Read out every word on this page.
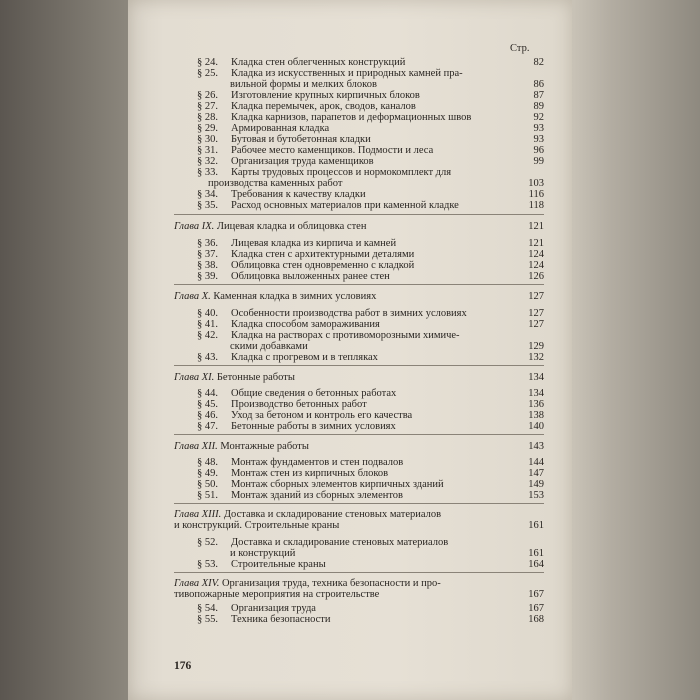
Стр.
§ 24. Кладка стен облегченных конструкций	82
§ 25. Кладка из искусственных и природных камней пра-
вильной формы и мелких блоков	86
§ 26. Изготовление крупных кирпичных блоков	87
§ 27. Кладка перемычек, арок, сводов, каналов	89
§ 28. Кладка карнизов, парапетов и деформационных швов	92
§ 29. Армированная кладка	93
§ 30. Бутовая и бутобетонная кладки	93
§ 31. Рабочее место каменщиков. Подмости и леса	96
§ 32. Организация труда каменщиков	99
§ 33. Карты трудовых процессов и нормокомплект для
производства каменных работ	103
§ 34. Требования к качеству кладки	116
§ 35. Расход основных материалов при каменной кладке	118
Глава IX. Лицевая кладка и облицовка стен	121
§ 36. Лицевая кладка из кирпича и камней	121
§ 37. Кладка стен с архитектурными деталями	124
§ 38. Облицовка стен одновременно с кладкой	124
§ 39. Облицовка выложенных ранее стен	126
Глава X. Каменная кладка в зимних условиях	127
§ 40. Особенности производства работ в зимних условиях	127
§ 41. Кладка способом замораживания	127
§ 42. Кладка на растворах с противоморозными химиче-
скими добавками	129
§ 43. Кладка с прогревом и в тепляках	132
Глава XI. Бетонные работы	134
§ 44. Общие сведения о бетонных работах	134
§ 45. Производство бетонных работ	136
§ 46. Уход за бетоном и контроль его качества	138
§ 47. Бетонные работы в зимних условиях	140
Глава XII. Монтажные работы	143
§ 48. Монтаж фундаментов и стен подвалов	144
§ 49. Монтаж стен из кирпичных блоков	147
§ 50. Монтаж сборных элементов кирпичных зданий	149
§ 51. Монтаж зданий из сборных элементов	153
Глава XIII. Доставка и складирование стеновых материалов
и конструкций. Строительные краны	161
§ 52. Доставка и складирование стеновых материалов
и конструкций	161
§ 53. Строительные краны	164
Глава XIV. Организация труда, техника безопасности и про-
тивопожарные мероприятия на строительстве	167
§ 54. Организация труда	167
§ 55. Техника безопасности	168
176
